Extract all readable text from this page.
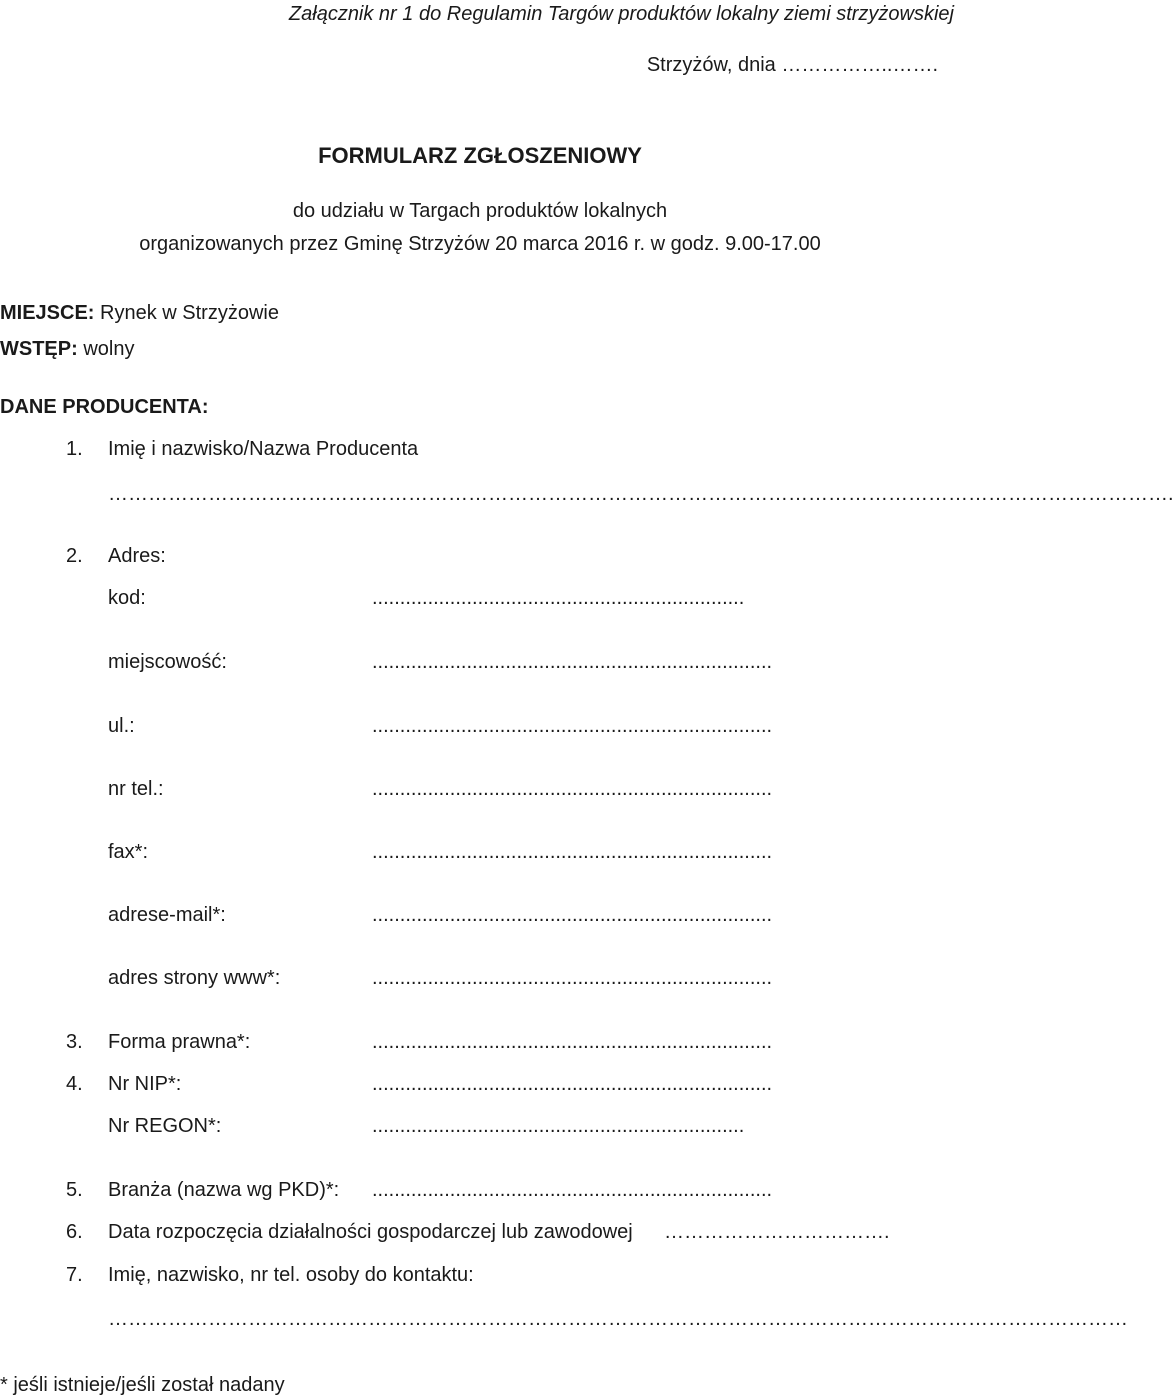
Załącznik nr 1 do Regulamin Targów produktów lokalny ziemi strzyżowskiej
Strzyżów, dnia ……………..…….
FORMULARZ ZGŁOSZENIOWY
do udziału w Targach produktów lokalnych
organizowanych przez Gminę Strzyżów 20 marca 2016 r. w godz. 9.00-17.00
MIEJSCE: Rynek w Strzyżowie
WSTĘP: wolny
DANE PRODUCENTA:
1. Imię i nazwisko/Nazwa Producenta
…………………………………………………………………………………………………………………………………………….
2. Adres:
kod:	...................................................................
miejscowość:	........................................................................
ul.:	........................................................................
nr tel.:	........................................................................
fax*:	........................................................................
adrese-mail*:	........................................................................
adres strony www*:	........................................................................
3. Forma prawna*:	........................................................................
4. Nr NIP*:	........................................................................
Nr REGON*:	...................................................................
5. Branża (nazwa wg PKD)*: ........................................................................
6. Data rozpoczęcia działalności gospodarczej lub zawodowej …………………………….
7. Imię, nazwisko, nr tel. osoby do kontaktu:
………………………………………………………………………………………………………………………………………
* jeśli istnieje/jeśli został nadany
